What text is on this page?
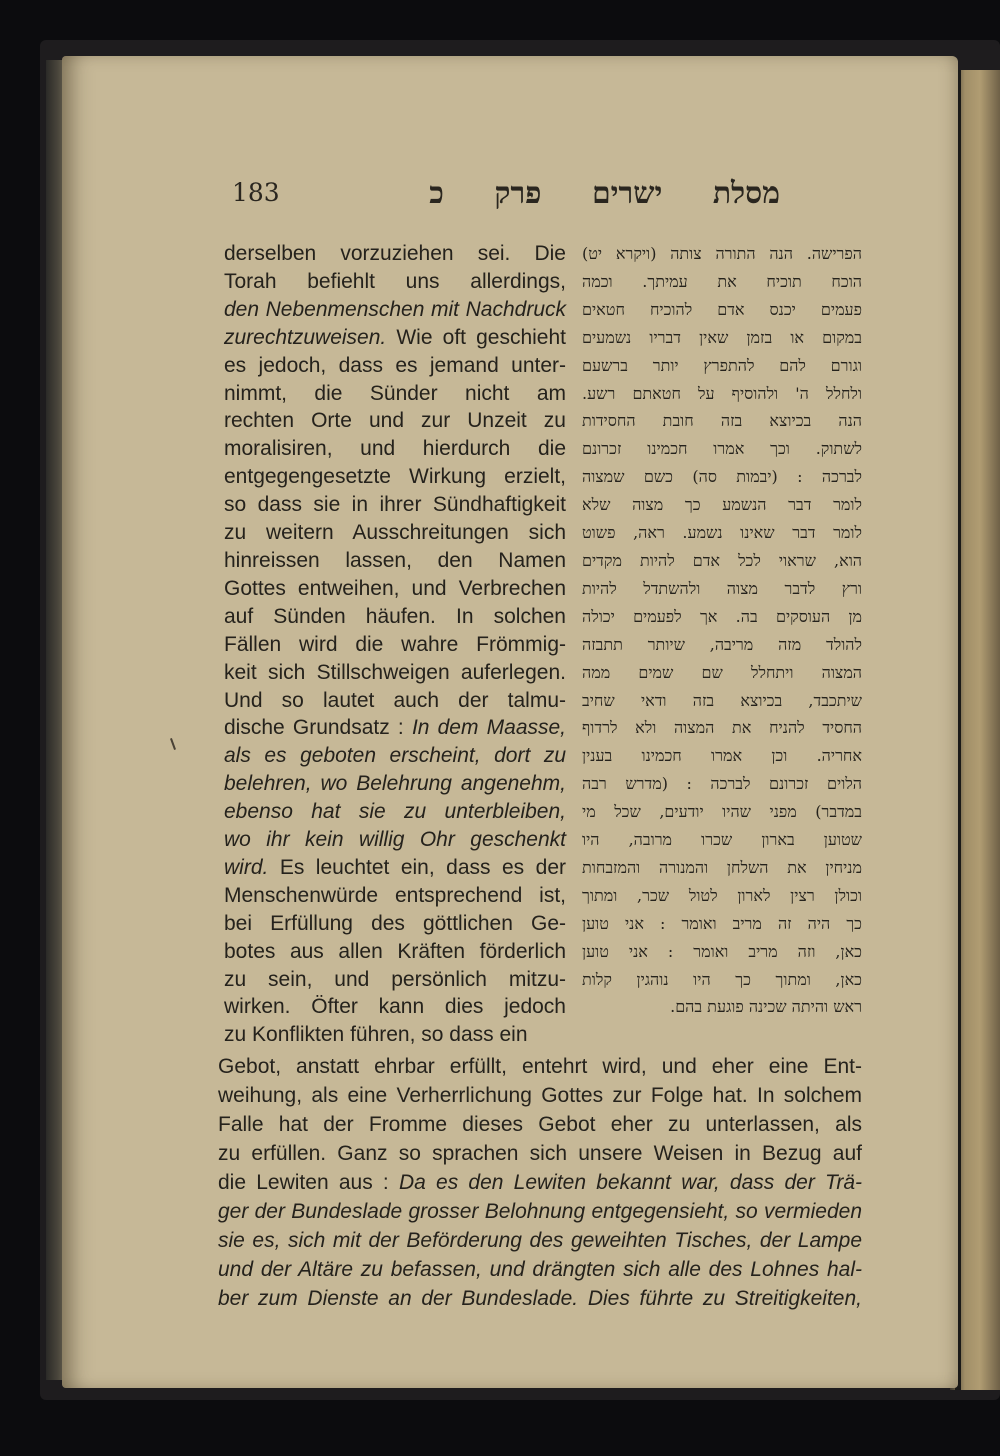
183	מסלת ישרים פרק כ
derselben vorzuziehen sei. Die
Torah befiehlt uns allerdings,
den Nebenmenschen mit Nachdruck
zurechtzuweisen. Wie oft geschieht
es jedoch, dass es jemand unter-
nimmt, die Sünder nicht am
rechten Orte und zur Unzeit zu
moralisiren, und hierdurch die
entgegengesetzte Wirkung erzielt,
so dass sie in ihrer Sündhaftigkeit
zu weitern Ausschreitungen sich
hinreissen lassen, den Namen
Gottes entweihen, und Verbrechen
auf Sünden häufen. In solchen
Fällen wird die wahre Frömmig-
keit sich Stillschweigen auferlegen.
Und so lautet auch der talmu-
dische Grundsatz : In dem Maasse,
als es geboten erscheint, dort zu
belehren, wo Belehrung angenehm,
ebenso hat sie zu unterbleiben,
wo ihr kein willig Ohr geschenkt
wird. Es leuchtet ein, dass es der
Menschenwürde entsprechend ist,
bei Erfüllung des göttlichen Ge-
botes aus allen Kräften förderlich
zu sein, und persönlich mitzu-
wirken. Öfter kann dies jedoch
zu Konflikten führen, so dass ein
הפרישה. הנה התורה צותה (ויקרא יט)
הוכח תוכיח את עמיתך. וכמה
פעמים יכנס אדם להוכיח חטאים
במקום או בזמן שאין דבריו נשמעים
וגורם להם להתפרץ יותר ברשעם
ולחלל ה' ולהוסיף על חטאתם רשע.
הנה בכיוצא בזה חובת החסידות
לשתוק. וכך אמרו חכמינו זכרונם
לברכה : (יבמות סה) כשם שמצוה
לומר דבר הנשמע כך מצוה שלא
לומר דבר שאינו נשמע. ראה, פשוט
הוא, שראוי לכל אדם להיות מקדים
ורץ לדבר מצוה ולהשתדל להיות
מן העוסקים בה. אך לפעמים יכולה
להולד מזה מריבה, שיותר תתבזה
המצוה ויתחלל שם שמים ממה
שיתכבד, בכיוצא בזה ודאי שחיב
החסיד להניח את המצוה ולא לרדוף
אחריה. וכן אמרו חכמינו בענין
הלוים זכרונם לברכה : (מדרש רבה
במדבר) מפני שהיו יודעים, שכל מי
שטוען בארון שכרו מרובה, היו
מניחין את השלחן והמנורה והמזבחות
וכולן רצין לארון לטול שכר, ומתוך
כך היה זה מריב ואומר : אני טוען
כאן, וזה מריב ואומר : אני טוען
כאן, ומתוך כך היו נוהגין קלות
ראש והיתה שכינה פוגעת בהם.
Gebot, anstatt ehrbar erfüllt, entehrt wird, und eher eine Ent-
weihung, als eine Verherrlichung Gottes zur Folge hat. In solchem
Falle hat der Fromme dieses Gebot eher zu unterlassen, als
zu erfüllen. Ganz so sprachen sich unsere Weisen in Bezug auf
die Lewiten aus : Da es den Lewiten bekannt war, dass der Trä-
ger der Bundeslade grosser Belohnung entgegensieht, so vermieden
sie es, sich mit der Beförderung des geweihten Tisches, der Lampe
und der Altäre zu befassen, und drängten sich alle des Lohnes hal-
ber zum Dienste an der Bundeslade. Dies führte zu Streitigkeiten,
